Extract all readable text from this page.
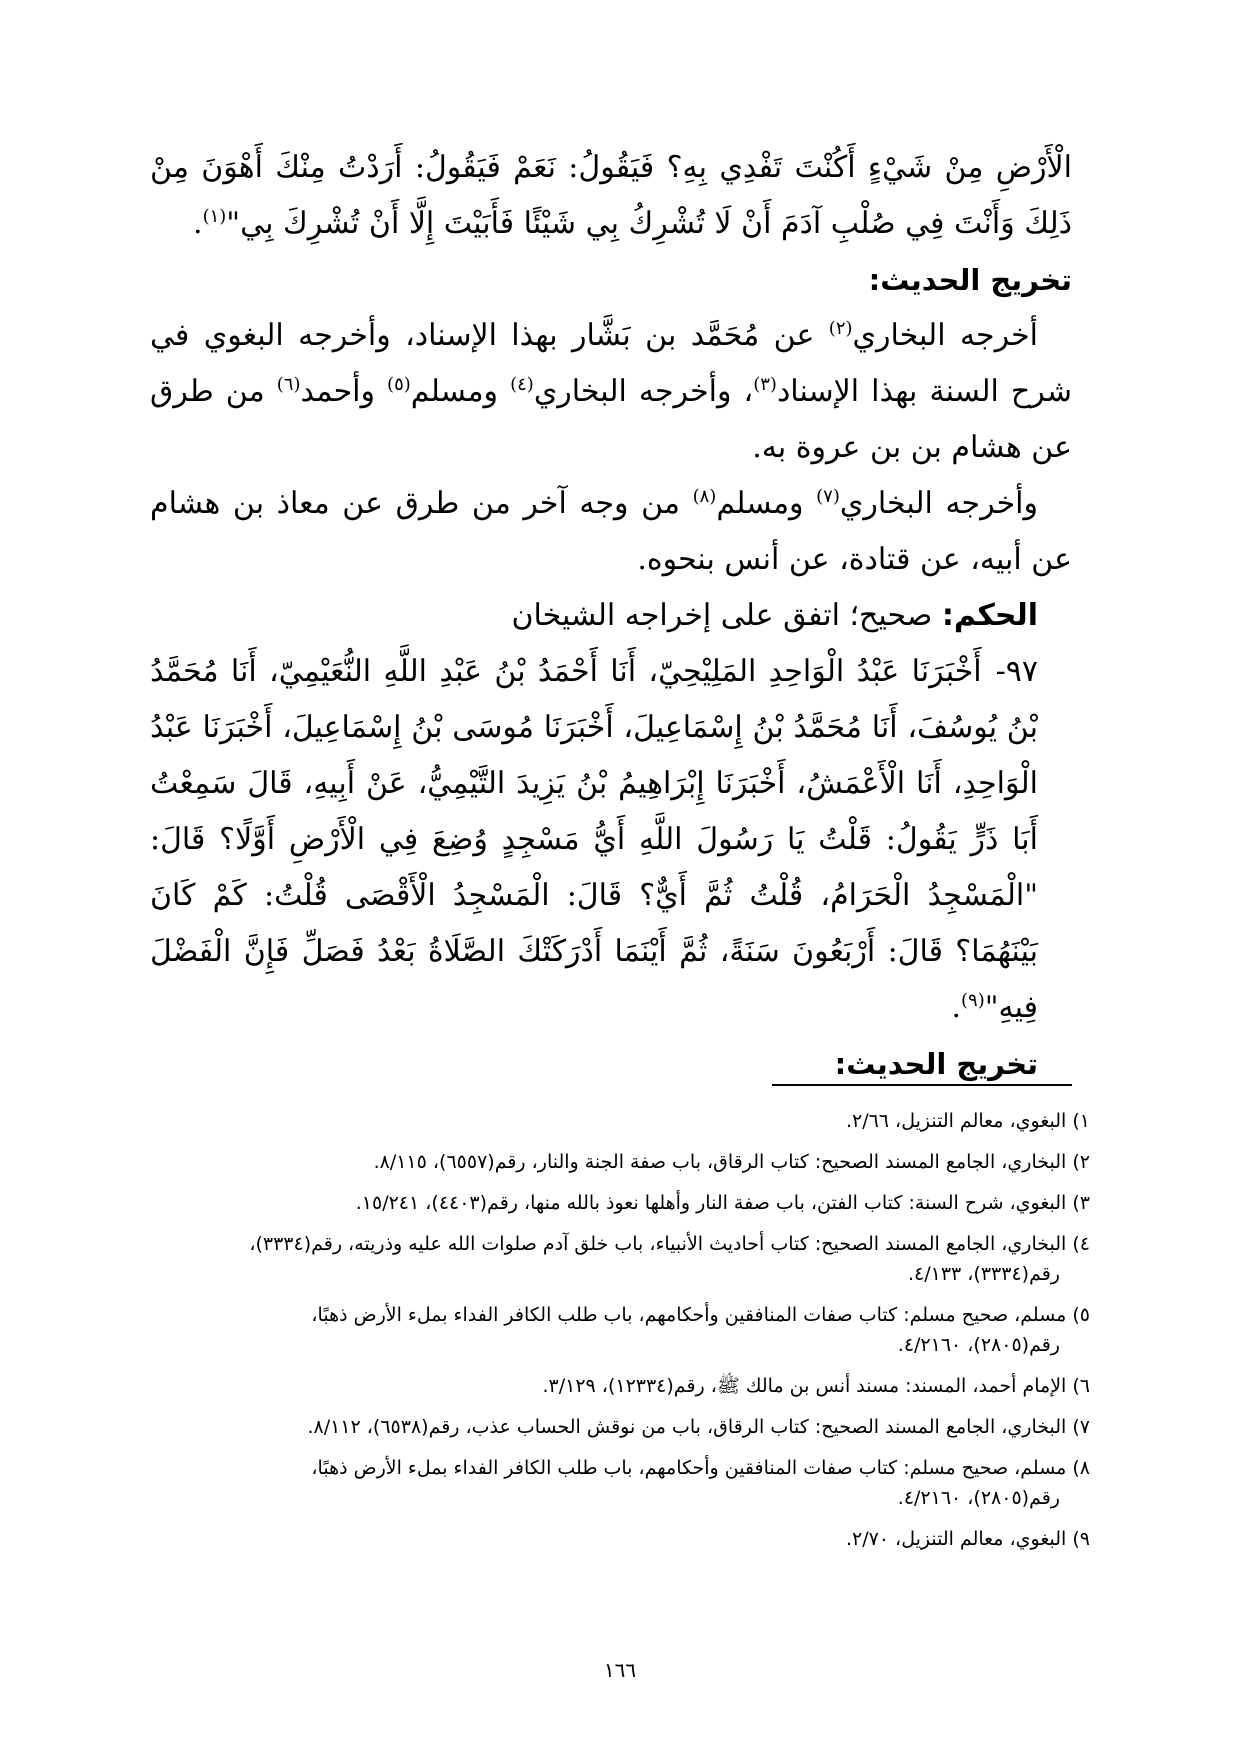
الْأَرْضِ مِنْ شَيْءٍ أَكُنْتَ تَفْدِي بِهِ؟ فَيَقُولُ: نَعَمْ فَيَقُولُ: أَرَدْتُ مِنْكَ أَهْوَنَ مِنْ ذَلِكَ وَأَنْتَ فِي صُلْبِ آدَمَ أَنْ لَا تُشْرِكُ بِي شَيْئًا فَأَبَيْتَ إِلَّا أَنْ تُشْرِكَ بِي"$^{(١)}$.

تخريج الحديث:

أخرجه البخاري$^{(٢)}$ عن مُحَمَّد بن بَشَّار بهذا الإسناد، وأخرجه البغوي في شرح السنة بهذا الإسناد$^{(٣)}$، وأخرجه البخاري$^{(٤)}$ ومسلم$^{(٥)}$ وأحمد$^{(٦)}$ من طرق عن هشام بن بن عروة به.

وأخرجه البخاري$^{(٧)}$ ومسلم$^{(٨)}$ من وجه آخر من طرق عن معاذ بن هشام عن أبيه، عن قتادة، عن أنس بنحوه.

الحكم: صحيح؛ اتفق على إخراجه الشيخان

٩٧-أَخْبَرَنَا عَبْدُ الْوَاحِدِ المَلِيْحِيّ، أَنَا أَحْمَدُ بْنُ عَبْدِ اللَّهِ النُّعَيْمِيّ، أَنَا مُحَمَّدُ بْنُ يُوسُفَ، أَنَا مُحَمَّدُ بْنُ إِسْمَاعِيلَ، أَخْبَرَنَا مُوسَى بْنُ إِسْمَاعِيلَ، أَخْبَرَنَا عَبْدُ الْوَاحِدِ، أَنَا الْأَعْمَشُ، أَخْبَرَنَا إِبْرَاهِيمُ بْنُ يَزِيدَ التَّيْمِيُّ، عَنْ أَبِيهِ، قَالَ سَمِعْتُ أَبَا ذَرٍّ يَقُولُ: قَلْتُ يَا رَسُولَ اللَّهِ أَيُّ مَسْجِدٍ وُضِعَ فِي الْأَرْضِ أَوَّلًا؟ قَالَ: "الْمَسْجِدُ الْحَرَامُ، قُلْتُ ثُمَّ أَيٌّ؟ قَالَ: الْمَسْجِدُ الْأَقْصَى قُلْتُ: كَمْ كَانَ بَيْنَهُمَا؟ قَالَ: أَرْبَعُونَ سَنَةً، ثُمَّ أَيْنَمَا أَدْرَكَتْكَ الصَّلَاةُ بَعْدُ فَصَلِّ فَإِنَّ الْفَضْلَ فِيهِ"$^{(٩)}$.

تخريج الحديث:

١) البغوي، معالم التنزيل، ٢/٦٦.
٢) البخاري، الجامع المسند الصحيح: كتاب الرقاق، باب صفة الجنة والنار، رقم(٦٥٥٧)، ٨/١١٥.
٣) البغوي، شرح السنة: كتاب الفتن، باب صفة النار وأهلها نعوذ بالله منها، رقم(٤٤٠٣)، ١٥/٢٤١.
٤) البخاري، الجامع المسند الصحيح: كتاب أحاديث الأنبياء، باب خلق آدم صلوات الله عليه وذريته، رقم(٣٣٣٤)،
رقم(٣٣٣٤)، ٤/١٣٣.
٥) مسلم، صحيح مسلم: كتاب صفات المنافقين وأحكامهم، باب طلب الكافر الفداء بملء الأرض ذهبًا،
رقم(٢٨٠٥)، ٤/٢١٦٠.
٦) الإمام أحمد، المسند: مسند أنس بن مالك ﷺ، رقم(١٢٣٣٤)، ٣/١٢٩.
٧) البخاري، الجامع المسند الصحيح: كتاب الرقاق، باب من نوقش الحساب عذب، رقم(٦٥٣٨)، ٨/١١٢.
٨) مسلم، صحيح مسلم: كتاب صفات المنافقين وأحكامهم، باب طلب الكافر الفداء بملء الأرض ذهبًا،
رقم(٢٨٠٥)، ٤/٢١٦٠.
٩) البغوي، معالم التنزيل، ٢/٧٠.
١٦٦
